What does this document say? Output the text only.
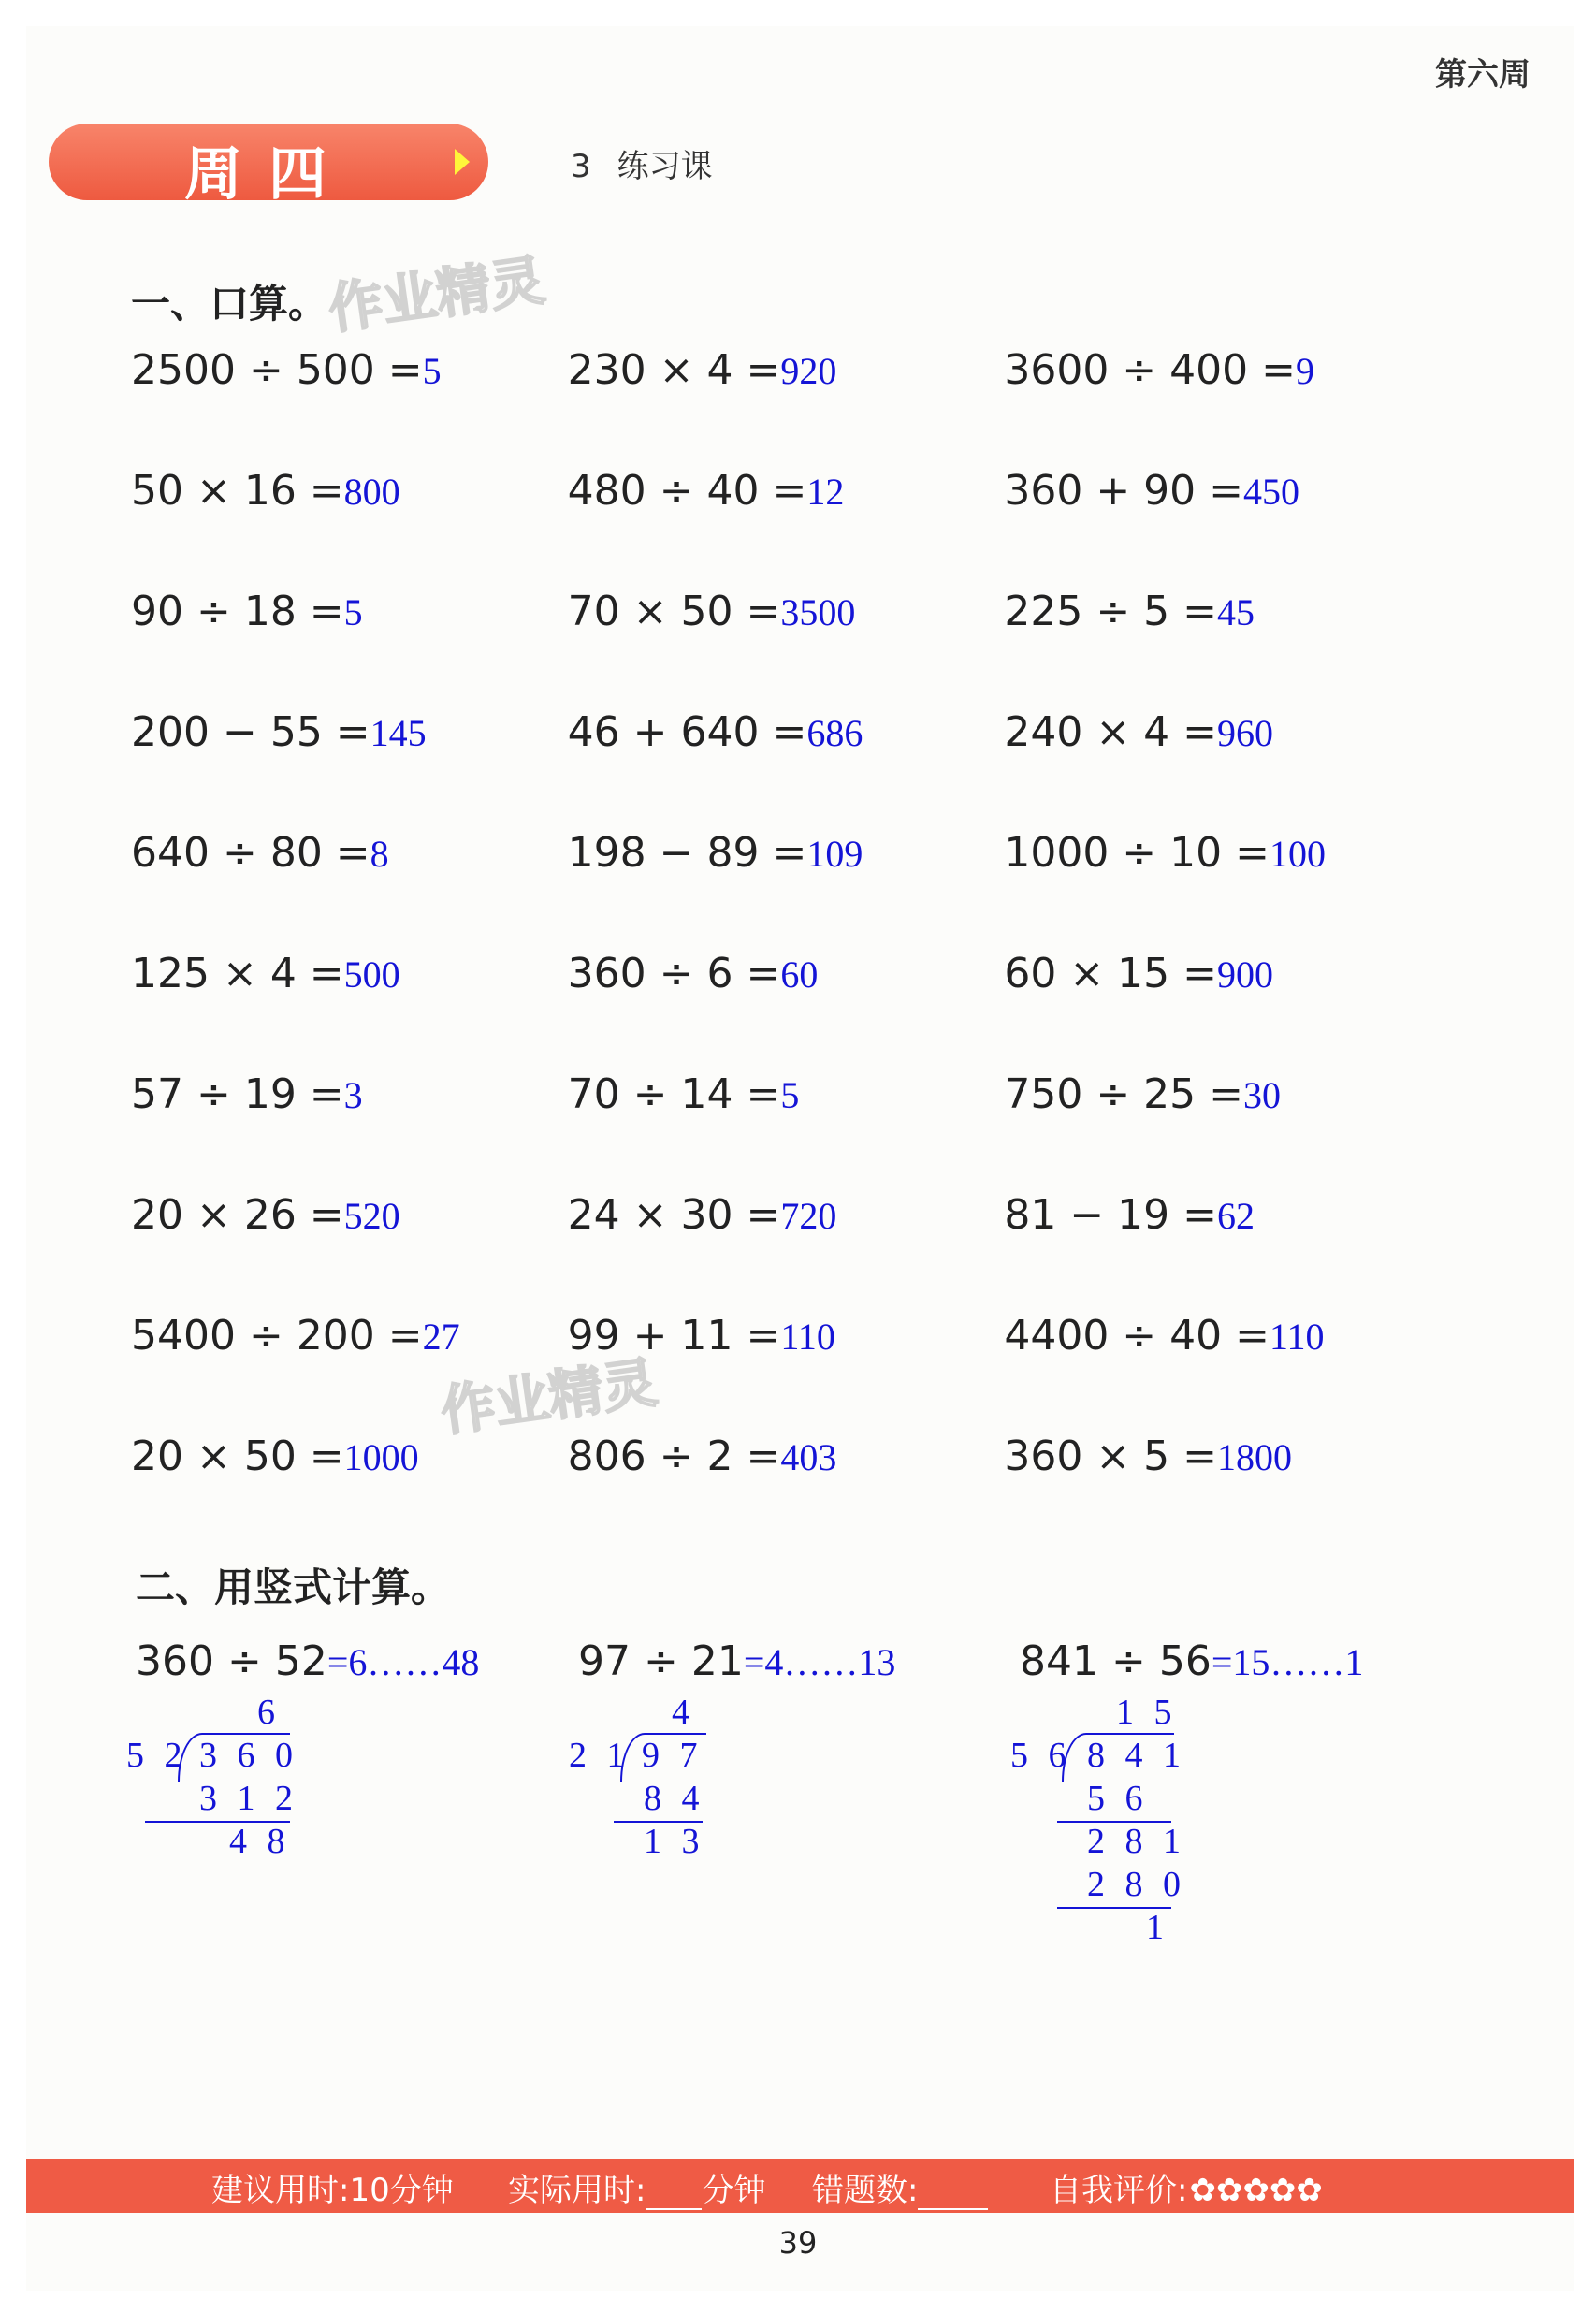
第六周
周四	3 练习课
一、口算。
作业精灵
2500 ÷ 500 =5	230 × 4 =920	3600 ÷ 400 =9
50 × 16 =800	480 ÷ 40 =12	360 + 90 =450
90 ÷ 18 =5	70 × 50 =3500	225 ÷ 5 =45
200 − 55 =145	46 + 640 =686	240 × 4 =960
640 ÷ 80 =8	198 − 89 =109	1000 ÷ 10 =100
125 × 4 =500	360 ÷ 6 =60	60 × 15 =900
57 ÷ 19 =3	70 ÷ 14 =5	750 ÷ 25 =30
20 × 26 =520	24 × 30 =720	81 − 19 =62
5400 ÷ 200 =27	99 + 11 =110	4400 ÷ 40 =110
20 × 50 =1000	806 ÷ 2 =403	360 × 5 =1800
作业精灵
二、用竖式计算。
360 ÷ 52=6……48
6
5 2 3 6 0
3 1 2
4 8
97 ÷ 21=4……13
4
2 1 9 7
8 4
1 3
841 ÷ 56=15……1
1 5
5 6 8 4 1
5 6
2 8 1
2 8 0
1
建议用时:10分钟 实际用时: 分钟 错题数:	自我评价:✿✿✿✿✿
39
